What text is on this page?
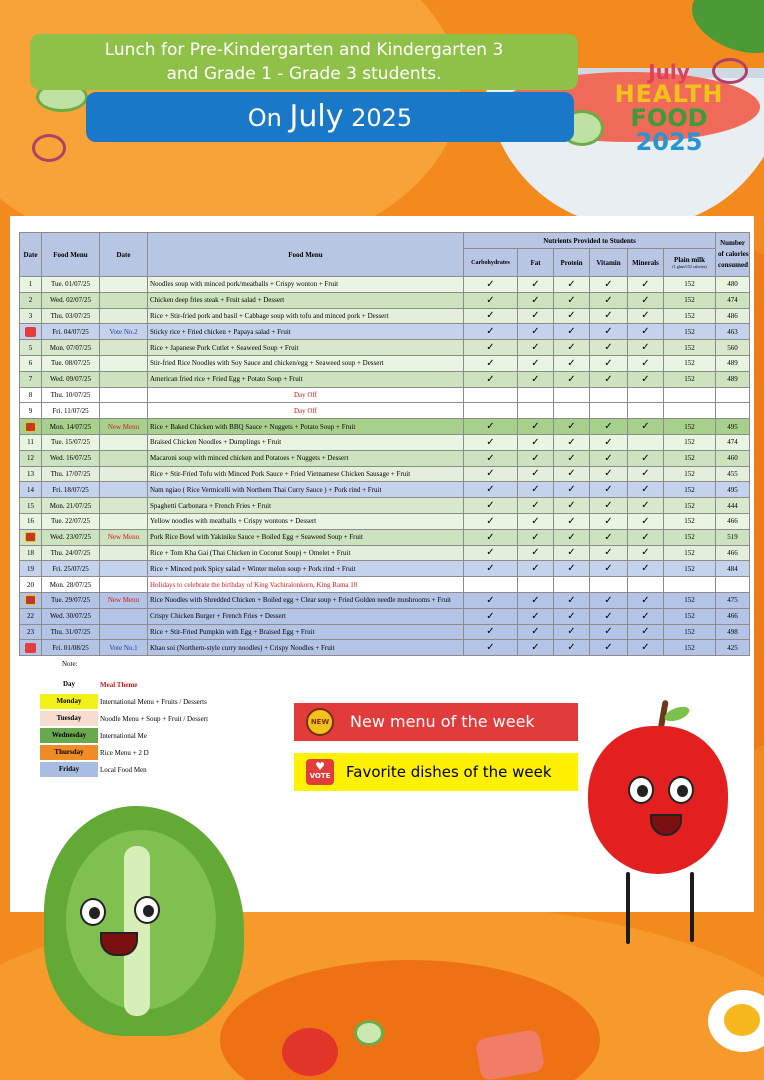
Lunch for Pre-Kindergarten and Kindergarten 3
and Grade 1 - Grade 3 students.
On July 2025
July
HEALTH
FOOD
2025
Date	Food Menu	Date	Food Menu	Nutrients Provided to Students						Number
of calories
consumed

				Carbohydrates	Fat	Protein	Vitamin	Minerals	Plain milk
(1 glass/152 calories)	

1	Tue. 01/07/25		Noodles soup with minced pork/meatballs + Crispy wonton + Fruit	✓	✓	✓	✓	✓	152	480
2	Wed. 02/07/25		Chicken deep fries steak + Fruit salad + Dessert	✓	✓	✓	✓	✓	152	474
3	Thu. 03/07/25		Rice + Stir-fried pork and basil + Cabbage soup with tofu and minced pork + Dessert	✓	✓	✓	✓	✓	152	486
	Fri. 04/07/25	Vote No.2	Sticky rice + Fried chicken + Papaya salad + Fruit	✓	✓	✓	✓	✓	152	463
5	Mon. 07/07/25		Rice + Japanese Pork Cutlet + Seaweed Soup + Fruit	✓	✓	✓	✓	✓	152	560
6	Tue. 08/07/25		Stir-fried Rice Noodles with Soy Sauce and chicken/egg + Seaweed soup + Dessert	✓	✓	✓	✓	✓	152	489
7	Wed. 09/07/25		American fried rice + Fried Egg + Potato Soup + Fruit	✓	✓	✓	✓	✓	152	489
8	Thu. 10/07/25		Day Off							
9	Fri. 11/07/25		Day Off							
	Mon. 14/07/25	New Menu	Rice + Baked Chicken with BBQ Sauce + Nuggets + Potato Soup + Fruit	✓	✓	✓	✓	✓	152	495
11	Tue. 15/07/25		Braised Chicken Noodles + Dumplings + Fruit	✓	✓	✓	✓		152	474
12	Wed. 16/07/25		Macaroni soup with minced chicken and Potatoes + Nuggets + Dessert	✓	✓	✓	✓	✓	152	460
13	Thu. 17/07/25		Rice + Stir-Fried Tofu with Minced Pork Sauce + Fried Vietnamese Chicken Sausage + Fruit	✓	✓	✓	✓	✓	152	455
14	Fri. 18/07/25		Nam ngiao ( Rice Vermicelli with Northern Thai Curry Sauce ) + Pork rind + Fruit	✓	✓	✓	✓	✓	152	495
15	Mon. 21/07/25		Spaghetti Carbonara + French Fries + Fruit	✓	✓	✓	✓	✓	152	444
16	Tue. 22/07/25		Yellow noodles with meatballs + Crispy wontons + Dessert	✓	✓	✓	✓	✓	152	466
	Wed. 23/07/25	New Menu	Pork Rice Bowl with Yakiniku Sauce + Boiled Egg + Seaweed Soup + Fruit	✓	✓	✓	✓	✓	152	519
18	Thu. 24/07/25		Rice + Tom Kha Gai (Thai Chicken in Coconut Soup) + Omelet + Fruit	✓	✓	✓	✓	✓	152	466
19	Fri. 25/07/25		Rice + Minced pork Spicy salad + Winter melon soup + Pork rind + Fruit	✓	✓	✓	✓	✓	152	484
20	Mon. 28/07/25		Holidays to celebrate the birthday of King Vachiralonkorn, King Rama 10							
	Tue. 29/07/25	New Menu	Rice Noodles with Shredded Chicken + Boiled egg + Clear soup + Fried Golden needle mushrooms + Fruit	✓	✓	✓	✓	✓	152	475
22	Wed. 30/07/25		Crispy Chicken Burger + French Fries + Dessert	✓	✓	✓	✓	✓	152	466
23	Thu. 31/07/25		Rice + Stir-Fried Pumpkin with Egg + Braised Egg + Fruit	✓	✓	✓	✓	✓	152	498
	Fri. 01/08/25	Vote No.1	Khao soi (Northern-style curry noodles) + Crispy Noodles + Fruit	✓	✓	✓	✓	✓	152	425
Note:
Day	Meal Theme
Monday	International Menu + Fruits / Desserts
Tuesday	Noodle Menu + Soup + Fruit / Dessert
Wednesday	International Me
Thursday	Rice Menu + 2 D
Friday	Local Food Men
NEW	New menu of the week
♥ VOTE Favorite dishes of the week
